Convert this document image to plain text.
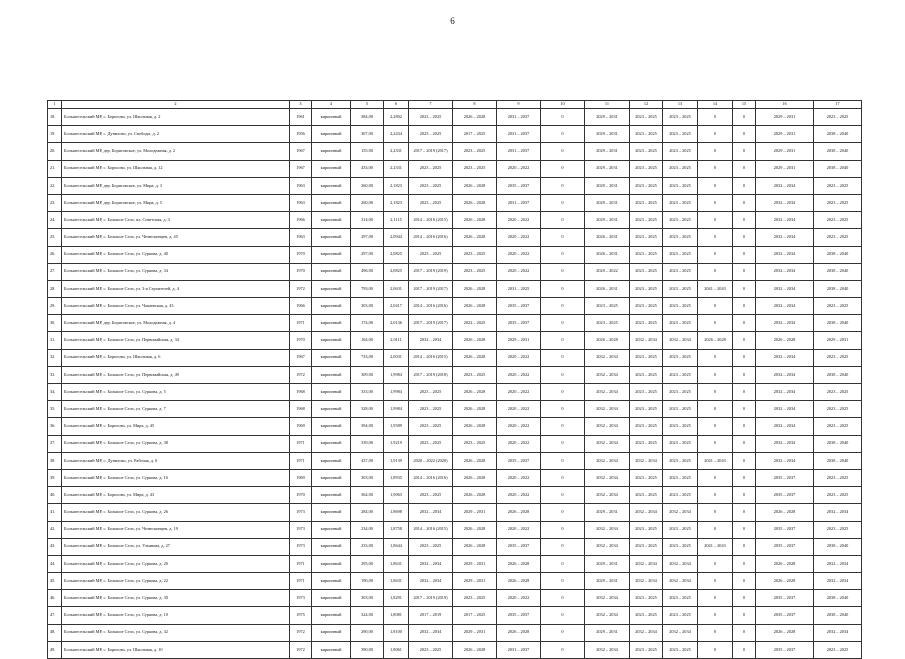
6
1	2	3	4	5	6	7	8	9	10	11	12	13	14	15	16	17
18.	Большесельский МР, с. Борисово, ул. Школьная, д. 2	1961	кирпичный	384,00	2,2802	2023 – 2025	2026 – 2028	2031 – 2037	0	2029 – 2031	2023 – 2025	2023 – 2025	0	0	2029 – 2031	2023 – 2025
19.	Большесельский МР, с. Дунилово, ул. Свободы, д. 2	1956	кирпичный	307,00	2,2434	2023 – 2025	2017 – 2025	2031 – 2037	0	2029 – 2031	2023 – 2025	2023 – 2025	0	0	2029 – 2031	2038 – 2040
20.	Большесельский МР, дер. Борисовское, ул. Молодежная, д. 2	1967	кирпичный	155,00	2,2331	2017 – 2019 (2017)	2023 – 2025	2031 – 2037	0	2029 – 2031	2023 – 2025	2023 – 2025	0	0	2029 – 2031	2038 – 2040
21.	Большесельский МР, с. Борисово, ул. Школьная, д. 12	1967	кирпичный	433,00	2,2331	2023 – 2025	2023 – 2025	2020 – 2022	0	2029 – 2031	2023 – 2025	2023 – 2025	0	0	2029 – 2031	2038 – 2040
22.	Большесельский МР, дер. Борисовское, ул. Мира, д. 3	1963	кирпичный	260,00	2,1823	2023 – 2025	2026 – 2028	2035 – 2037	0	2029 – 2031	2023 – 2025	2023 – 2025	0	0	2032 – 2034	2023 – 2025
23.	Большесельский МР, дер. Борисовское, ул. Мира, д. 5	1963	кирпичный	260,00	2,1823	2023 – 2025	2026 – 2028	2031 – 2037	0	2029 – 2031	2023 – 2025	2023 – 2025	0	0	2032 – 2034	2023 – 2025
24.	Большесельский МР, с. Большое Село, пл. Советская, д. 3	1966	кирпичный	314,00	2,1115	2014 – 2016 (2015)	2026 – 2028	2020 – 2022	0	2029 – 2031	2023 – 2025	2023 – 2025	0	0	2032 – 2034	2023 – 2025
25.	Большесельский МР, с. Большое Село, ул. Челюскинцев, д. 45	1963	кирпичный	297,00	2,0944	2014 – 2016 (2016)	2026 – 2028	2020 – 2022	0	2026 – 2031	2023 – 2025	2023 – 2025	0	0	2032 – 2034	2023 – 2025
26.	Большесельский МР, с. Большое Село, ул. Суркова, д. 40	1970	кирпичный	297,00	2,0825	2023 – 2025	2023 – 2025	2020 – 2022	0	2026 – 2031	2023 – 2025	2023 – 2025	0	0	2032 – 2034	2038 – 2040
27.	Большесельский МР, с. Большое Село, ул. Суркова, д. 34	1970	кирпичный	496,00	2,0825	2017 – 2019 (2019)	2023 – 2025	2020 – 2022	0	2020 – 2022	2023 – 2025	2023 – 2025	0	0	2032 – 2034	2038 – 2040
28.	Большесельский МР, с. Большое Село, ул. 3-я Строителей, д. 4	1972	кирпичный	793,00	2,0631	2017 – 2019 (2017)	2026 – 2028	2031 – 2025	0	2026 – 2031	2023 – 2025	2023 – 2025	2041 – 2043	0	2032 – 2034	2038 – 2040
29.	Большесельский МР, с. Большое Село, ул. Чапаевская, д. 43	1966	кирпичный	303,00	2,0417	2014 – 2016 (2016)	2026 – 2028	2035 – 2037	0	2023 – 2025	2023 – 2025	2023 – 2025	0	0	2032 – 2034	2023 – 2025
30.	Большесельский МР, дер. Борисовское, ул. Молодежная, д. 4	1971	кирпичный	174,00	2,0136	2017 – 2019 (2017)	2022 – 2025	2035 – 2037	0	2023 – 2025	2023 – 2025	2023 – 2025	0	0	2032 – 2034	2038 – 2040
31.	Большесельский МР, с. Большое Село, ул. Первомайская, д. 34	1970	кирпичный	164,00	2,0111	2032 – 2034	2026 – 2028	2029 – 2031	0	2026 – 2028	2032 – 2034	2032 – 2034	2026 – 2028	0	2026 – 2028	2029 – 2031
32.	Большесельский МР, с. Борисово, ул. Школьная, д. 6	1967	кирпичный	733,00	2,0031	2014 – 2016 (2015)	2026 – 2028	2020 – 2022	0	2032 – 2034	2023 – 2025	2023 – 2025	0	0	2032 – 2034	2023 – 2025
33.	Большесельский МР, с. Большое Село, ул. Первомайская, д. 49	1972	кирпичный	309,00	1,9984	2017 – 2019 (2018)	2023 – 2025	2020 – 2022	0	2032 – 2034	2023 – 2025	2023 – 2025	0	0	2032 – 2034	2038 – 2040
34.	Большесельский МР, с. Большое Село, ул. Суркова, д. 5	1968	кирпичный	333,00	1,9984	2023 – 2025	2026 – 2028	2020 – 2022	0	2032 – 2034	2023 – 2025	2023 – 2025	0	0	2032 – 2034	2023 – 2025
35.	Большесельский МР, с. Большое Село, ул. Суркова, д. 7	1968	кирпичный	328,00	1,9984	2023 – 2025	2026 – 2028	2020 – 2022	0	2032 – 2034	2023 – 2025	2023 – 2025	0	0	2032 – 2034	2023 – 2025
36.	Большесельский МР, с. Борисово, ул. Мира, д. 45	1969	кирпичный	394,00	1,9589	2023 – 2025	2026 – 2028	2020 – 2022	0	2032 – 2034	2023 – 2025	2023 – 2025	0	0	2032 – 2034	2023 – 2025
37.	Большесельский МР, с. Большое Село, ул. Суркова, д. 38	1971	кирпичный	339,00	1,9219	2023 – 2025	2023 – 2025	2020 – 2022	0	2032 – 2034	2023 – 2025	2023 – 2025	0	0	2032 – 2034	2038 – 2040
38.	Большесельский МР, с. Дунилово, ул. Рабочая, д. 6	1971	кирпичный	437,00	1,9139	2020 – 2022 (2020)	2026 – 2028	2035 – 2037	0	2032 – 2034	2032 – 2034	2023 – 2025	2041 – 2043	0	2032 – 2034	2038 – 2040
39.	Большесельский МР, с. Большое Село, ул. Суркова, д. 16	1969	кирпичный	303,00	1,8935	2014 – 2016 (2016)	2026 – 2028	2020 – 2022	0	2032 – 2034	2023 – 2025	2023 – 2025	0	0	2035 – 2037	2023 – 2025
40.	Большесельский МР, с. Борисово, ул. Мира, д. 43	1970	кирпичный	364,00	1,9063	2023 – 2025	2026 – 2028	2020 – 2022	0	2032 – 2034	2023 – 2025	2023 – 2025	0	0	2035 – 2037	2023 – 2025
41.	Большесельский МР, с. Большое Село, ул. Суркова, д. 26	1973	кирпичный	284,00	1,8698	2032 – 2034	2029 – 2031	2026 – 2028	0	2029 – 2031	2032 – 2034	2032 – 2034	0	0	2026 – 2028	2032 – 2034
42.	Большесельский МР, с. Большое Село, ул. Челюскинцев, д. 19	1973	кирпичный	234,00	1,8758	2014 – 2016 (2015)	2026 – 2028	2020 – 2022	0	2032 – 2034	2023 – 2025	2023 – 2025	0	0	2035 – 2037	2023 – 2025
43.	Большесельский МР, с. Большое Село, ул. Ульянова, д. 27	1973	кирпичный	233,00	1,8644	2023 – 2025	2026 – 2028	2035 – 2037	0	2032 – 2034	2023 – 2025	2023 – 2025	2041 – 2043	0	2035 – 2037	2038 – 2040
44.	Большесельский МР, с. Большое Село, ул. Суркова, д. 20	1971	кирпичный	295,00	1,8631	2032 – 2034	2029 – 2031	2026 – 2028	0	2029 – 2031	2032 – 2034	2032 – 2034	0	0	2026 – 2028	2032 – 2034
45.	Большесельский МР, с. Большое Село, ул. Суркова, д. 22	1971	кирпичный	190,00	1,8631	2032 – 2034	2029 – 2031	2026 – 2028	0	2029 – 2031	2032 – 2034	2032 – 2034	0	0	2026 – 2028	2032 – 2034
46.	Большесельский МР, с. Большое Село, ул. Суркова, д. 30	1973	кирпичный	303,00	1,8291	2017 – 2019 (2019)	2023 – 2025	2020 – 2022	0	2032 – 2034	2023 – 2025	2023 – 2025	0	0	2035 – 2037	2038 – 2040
47.	Большесельский МР, с. Большое Село, ул. Суркова, д. 10	1975	кирпичный	324,00	1,8081	2017 – 2019	2017 – 2025	2035 – 2037	0	2032 – 2034	2023 – 2025	2023 – 2025	0	0	2035 – 2037	2038 – 2040
48.	Большесельский МР, с. Большое Село, ул. Суркова, д. 32	1972	кирпичный	290,00	1,8100	2032 – 2034	2029 – 2031	2026 – 2028	0	2029 – 2031	2032 – 2034	2032 – 2034	0	0	2026 – 2028	2032 – 2034
49.	Большесельский МР, с. Борисово, ул. Школьная, д. 10	1972	кирпичный	390,00	1,8061	2023 – 2025	2026 – 2028	2031 – 2037	0	2032 – 2034	2023 – 2025	2023 – 2025	0	0	2035 – 2037	2023 – 2025
